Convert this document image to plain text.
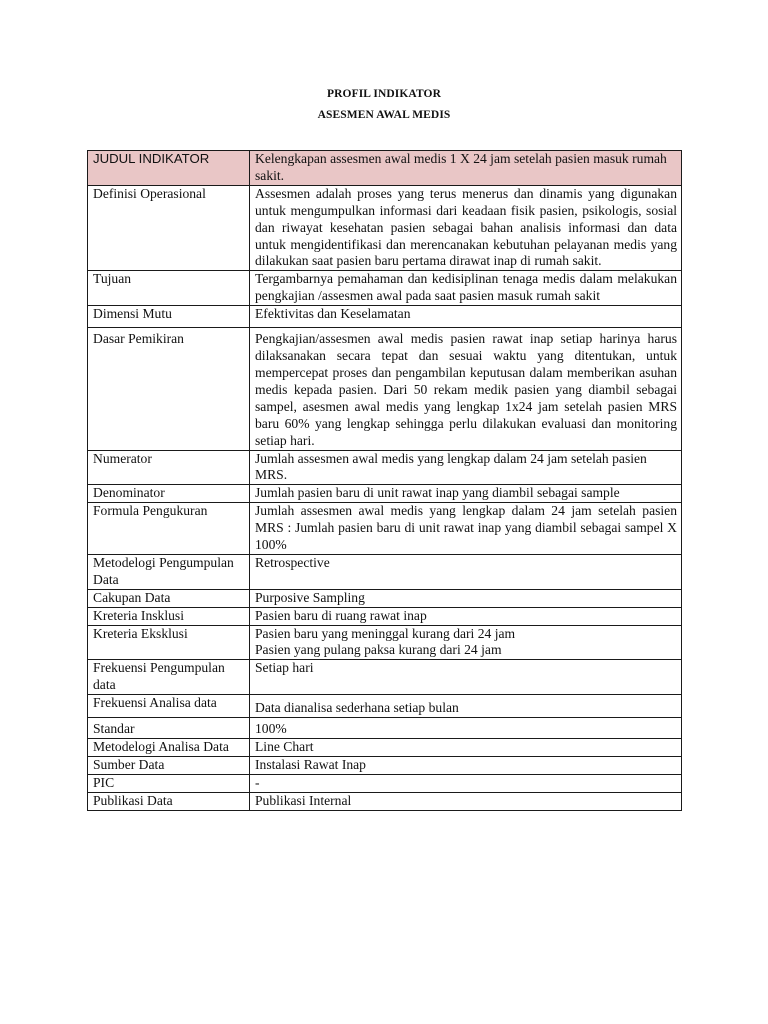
PROFIL INDIKATOR
ASESMEN AWAL MEDIS
JUDUL INDIKATOR	Kelengkapan assesmen awal medis 1 X 24 jam setelah pasien masuk rumah sakit.
Definisi Operasional	Assesmen adalah proses yang terus menerus dan dinamis yang digunakan untuk mengumpulkan informasi dari keadaan fisik pasien, psikologis, sosial dan riwayat kesehatan pasien sebagai bahan analisis informasi dan data untuk mengidentifikasi dan merencanakan kebutuhan pelayanan medis yang dilakukan saat pasien baru pertama dirawat inap di rumah sakit.
Tujuan	Tergambarnya pemahaman dan kedisiplinan tenaga medis dalam melakukan pengkajian /assesmen awal pada saat pasien masuk rumah sakit
Dimensi Mutu	Efektivitas dan Keselamatan
Dasar Pemikiran	Pengkajian/assesmen awal medis pasien rawat inap setiap harinya harus dilaksanakan secara tepat dan sesuai waktu yang ditentukan, untuk mempercepat proses dan pengambilan keputusan dalam memberikan asuhan medis kepada pasien. Dari 50 rekam medik pasien yang diambil sebagai sampel, asesmen awal medis yang lengkap 1x24 jam setelah pasien MRS baru 60% yang lengkap sehingga perlu dilakukan evaluasi dan monitoring setiap hari.
Numerator	Jumlah assesmen awal medis yang lengkap dalam 24 jam setelah pasien MRS.
Denominator	Jumlah pasien baru di unit rawat inap yang diambil sebagai sample
Formula Pengukuran	Jumlah assesmen awal medis yang lengkap dalam 24 jam setelah pasien MRS : Jumlah pasien baru di unit rawat inap yang diambil sebagai sampel X 100%
Metodelogi Pengumpulan Data	Retrospective
Cakupan Data	Purposive Sampling
Kreteria Insklusi	Pasien baru di ruang rawat inap
Kreteria Eksklusi	Pasien baru yang meninggal kurang dari 24 jam
Pasien yang pulang paksa kurang dari 24 jam

Frekuensi Pengumpulan data	Setiap hari
Frekuensi Analisa data	Data dianalisa sederhana setiap bulan
Standar	100%
Metodelogi Analisa Data	Line Chart
Sumber Data	Instalasi Rawat Inap
PIC	-
Publikasi Data	Publikasi Internal
